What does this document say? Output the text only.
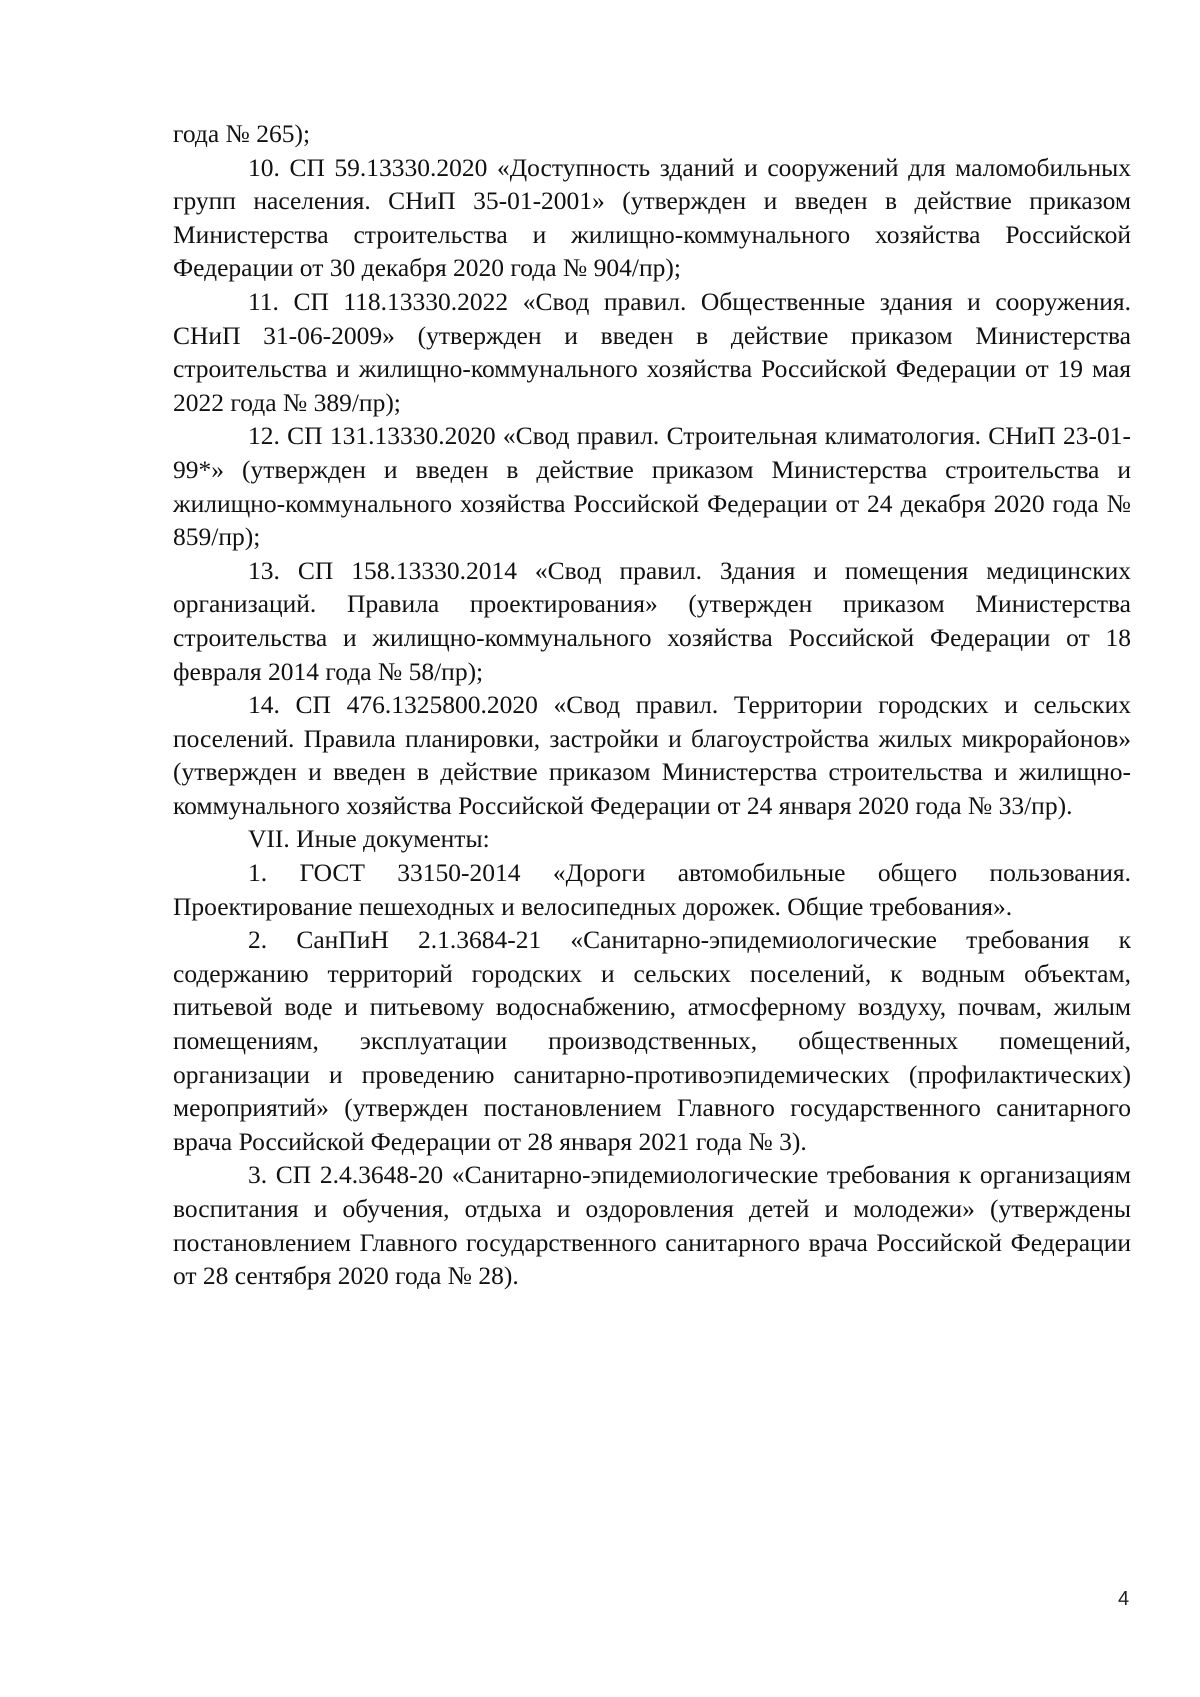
года № 265);

10. СП 59.13330.2020 «Доступность зданий и сооружений для маломобильных групп населения. СНиП 35-01-2001» (утвержден и введен в действие приказом Министерства строительства и жилищно-коммунального хозяйства Российской Федерации от 30 декабря 2020 года № 904/пр);

11. СП 118.13330.2022 «Свод правил. Общественные здания и сооружения. СНиП 31-06-2009» (утвержден и введен в действие приказом Министерства строительства и жилищно-коммунального хозяйства Российской Федерации от 19 мая 2022 года № 389/пр);

12. СП 131.13330.2020 «Свод правил. Строительная климатология. СНиП 23-01-99*» (утвержден и введен в действие приказом Министерства строительства и жилищно-коммунального хозяйства Российской Федерации от 24 декабря 2020 года № 859/пр);

13. СП 158.13330.2014 «Свод правил. Здания и помещения медицинских организаций. Правила проектирования» (утвержден приказом Министерства строительства и жилищно-коммунального хозяйства Российской Федерации от 18 февраля 2014 года № 58/пр);

14. СП 476.1325800.2020 «Свод правил. Территории городских и сельских поселений. Правила планировки, застройки и благоустройства жилых микрорайонов» (утвержден и введен в действие приказом Министерства строительства и жилищно-коммунального хозяйства Российской Федерации от 24 января 2020 года № 33/пр).

VII. Иные документы:

1. ГОСТ 33150-2014 «Дороги автомобильные общего пользования. Проектирование пешеходных и велосипедных дорожек. Общие требования».

2. СанПиН 2.1.3684-21 «Санитарно-эпидемиологические требования к содержанию территорий городских и сельских поселений, к водным объектам, питьевой воде и питьевому водоснабжению, атмосферному воздуху, почвам, жилым помещениям, эксплуатации производственных, общественных помещений, организации и проведению санитарно-противоэпидемических (профилактических) мероприятий» (утвержден постановлением Главного государственного санитарного врача Российской Федерации от 28 января 2021 года № 3).

3. СП 2.4.3648-20 «Санитарно-эпидемиологические требования к организациям воспитания и обучения, отдыха и оздоровления детей и молодежи» (утверждены постановлением Главного государственного санитарного врача Российской Федерации от 28 сентября 2020 года № 28).

4
